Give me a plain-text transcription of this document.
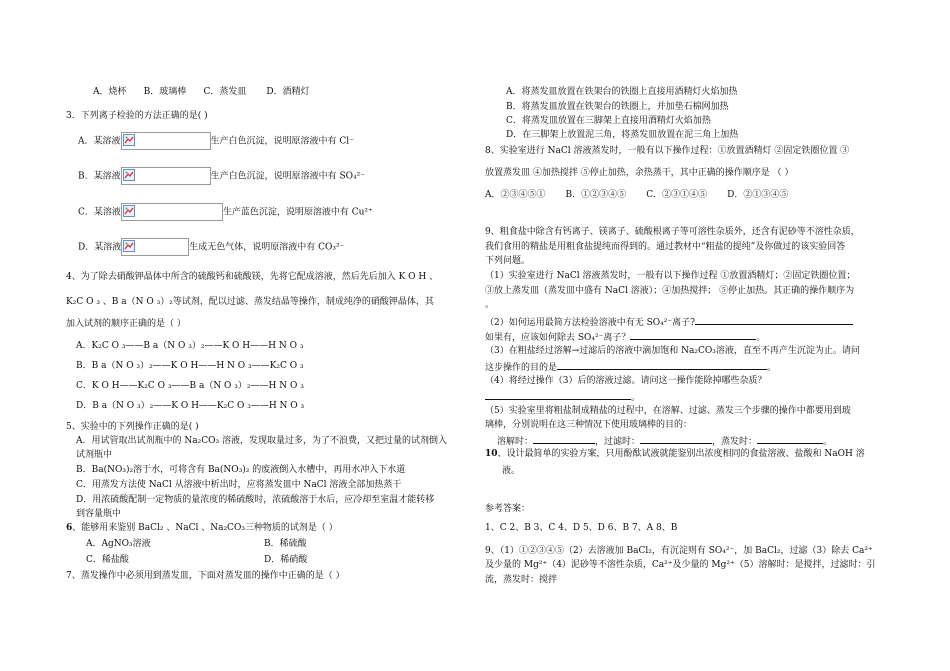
A．烧杯 B．玻璃棒 C．蒸发皿 D．酒精灯
3．下列离子检验的方法正确的是( )
A．某溶液	生产白色沉淀，说明原溶液中有 Cl⁻
B．某溶液	生产白色沉淀，说明原溶液中有 SO₄²⁻
C．某溶液	生产蓝色沉淀，说明原溶液中有 Cu²⁺
D．某溶液	生成无色气体，说明原溶液中有 CO₃²⁻
4、为了除去硝酸钾晶体中所含的硫酸钙和硫酸镁，先将它配成溶液，然后先后加入 K O H 、
K₂C O ₃ 、B a（N O ₃）₂等试剂，配以过滤、蒸发结晶等操作，制成纯净的硝酸钾晶体，其
加入试剂的顺序正确的是（ ）
A．K₂C O ₃——B a（N O ₃）₂——K O H——H N O ₃
B．B a（N O ₃）₂——K O H——H N O ₃——K₂C O ₃
C．K O H——K₂C O ₃——B a（N O ₃）₂——H N O ₃
D．B a（N O ₃）₂——K O H——K₂C O ₃——H N O ₃
5、实验中的下列操作正确的是( )
A．用试管取出试剂瓶中的 Na₂CO₃ 溶液，发现取量过多，为了不浪费，又把过量的试剂倒入
试剂瓶中
B．Ba(NO₃)₂溶于水，可将含有 Ba(NO₃)₂ 的废液倒入水槽中，再用水冲入下水道
C．用蒸发方法使 NaCl 从溶液中析出时，应将蒸发皿中 NaCl 溶液全部加热蒸干
D．用浓硫酸配制一定物质的量浓度的稀硫酸时，浓硫酸溶于水后，应冷却至室温才能转移
到容量瓶中
6、能够用来鉴别 BaCl₂ 、NaCl 、Na₂CO₃三种物质的试剂是（ ）
A．AgNO₃溶液	B．稀硫酸
C．稀盐酸	D．稀硝酸
7、蒸发操作中必须用到蒸发皿，下面对蒸发皿的操作中正确的是（ ）
A．将蒸发皿放置在铁架台的铁圈上直接用酒精灯火焰加热
B．将蒸发皿放置在铁架台的铁圈上，并加垫石棉网加热
C．将蒸发皿放置在三脚架上直接用酒精灯火焰加热
D．在三脚架上放置泥三角，将蒸发皿放置在泥三角上加热
8、实验室进行 NaCl 溶液蒸发时，一般有以下操作过程：①放置酒精灯 ②固定铁圈位置 ③
放置蒸发皿 ④加热搅拌 ⑤停止加热，余热蒸干，其中正确的操作顺序是 （ ）
A．②③④⑤① B．①②③④⑤ C．②③①④⑤ D．②①③④⑤
9、粗食盐中除含有钙离子、镁离子、硫酸根离子等可溶性杂质外，还含有泥砂等不溶性杂质，
我们食用的精盐是用粗食盐提纯而得到的。通过教材中“粗盐的提纯”及你做过的该实验回答
下列问题。
（1）实验室进行 NaCl 溶液蒸发时，一般有以下操作过程 ①放置酒精灯；②固定铁圈位置；
③放上蒸发皿（蒸发皿中盛有 NaCl 溶液）；④加热搅拌； ⑤停止加热。其正确的操作顺序为
。
（2）如何运用最简方法检验溶液中有无 SO₄²⁻离子?
如果有，应该如何除去 SO₄²⁻离子？	。
（3）在粗盐经过溶解→过滤后的溶液中滴加饱和 Na₂CO₃溶液，直至不再产生沉淀为止。请问
这步操作的目的是	。
（4）将经过操作（3）后的溶液过滤。请问这一操作能除掉哪些杂质？
。
（5）实验室里将粗盐制成精盐的过程中，在溶解、过滤、蒸发三个步骤的操作中都要用到玻
璃棒，分别说明在这三种情况下使用玻璃棒的目的：
溶解时：	，过滤时：	，蒸发时：	。
10、设计最简单的实验方案，只用酚酞试液就能鉴别出浓度相同的食盐溶液、盐酸和 NaOH 溶
液。
参考答案：
1、C 2、B 3、C 4、D 5、D 6、B 7、A 8、B
9、（1）①②③④⑤（2）去溶液加 BaCl₂，有沉淀则有 SO₄²⁻，加 BaCl₂，过滤（3）除去 Ca²⁺
及少量的 Mg²⁺（4）泥砂等不溶性杂质，Ca²⁺及少量的 Mg²⁺（5）溶解时：是搅拌，过滤时：引
流，蒸发时：搅拌
